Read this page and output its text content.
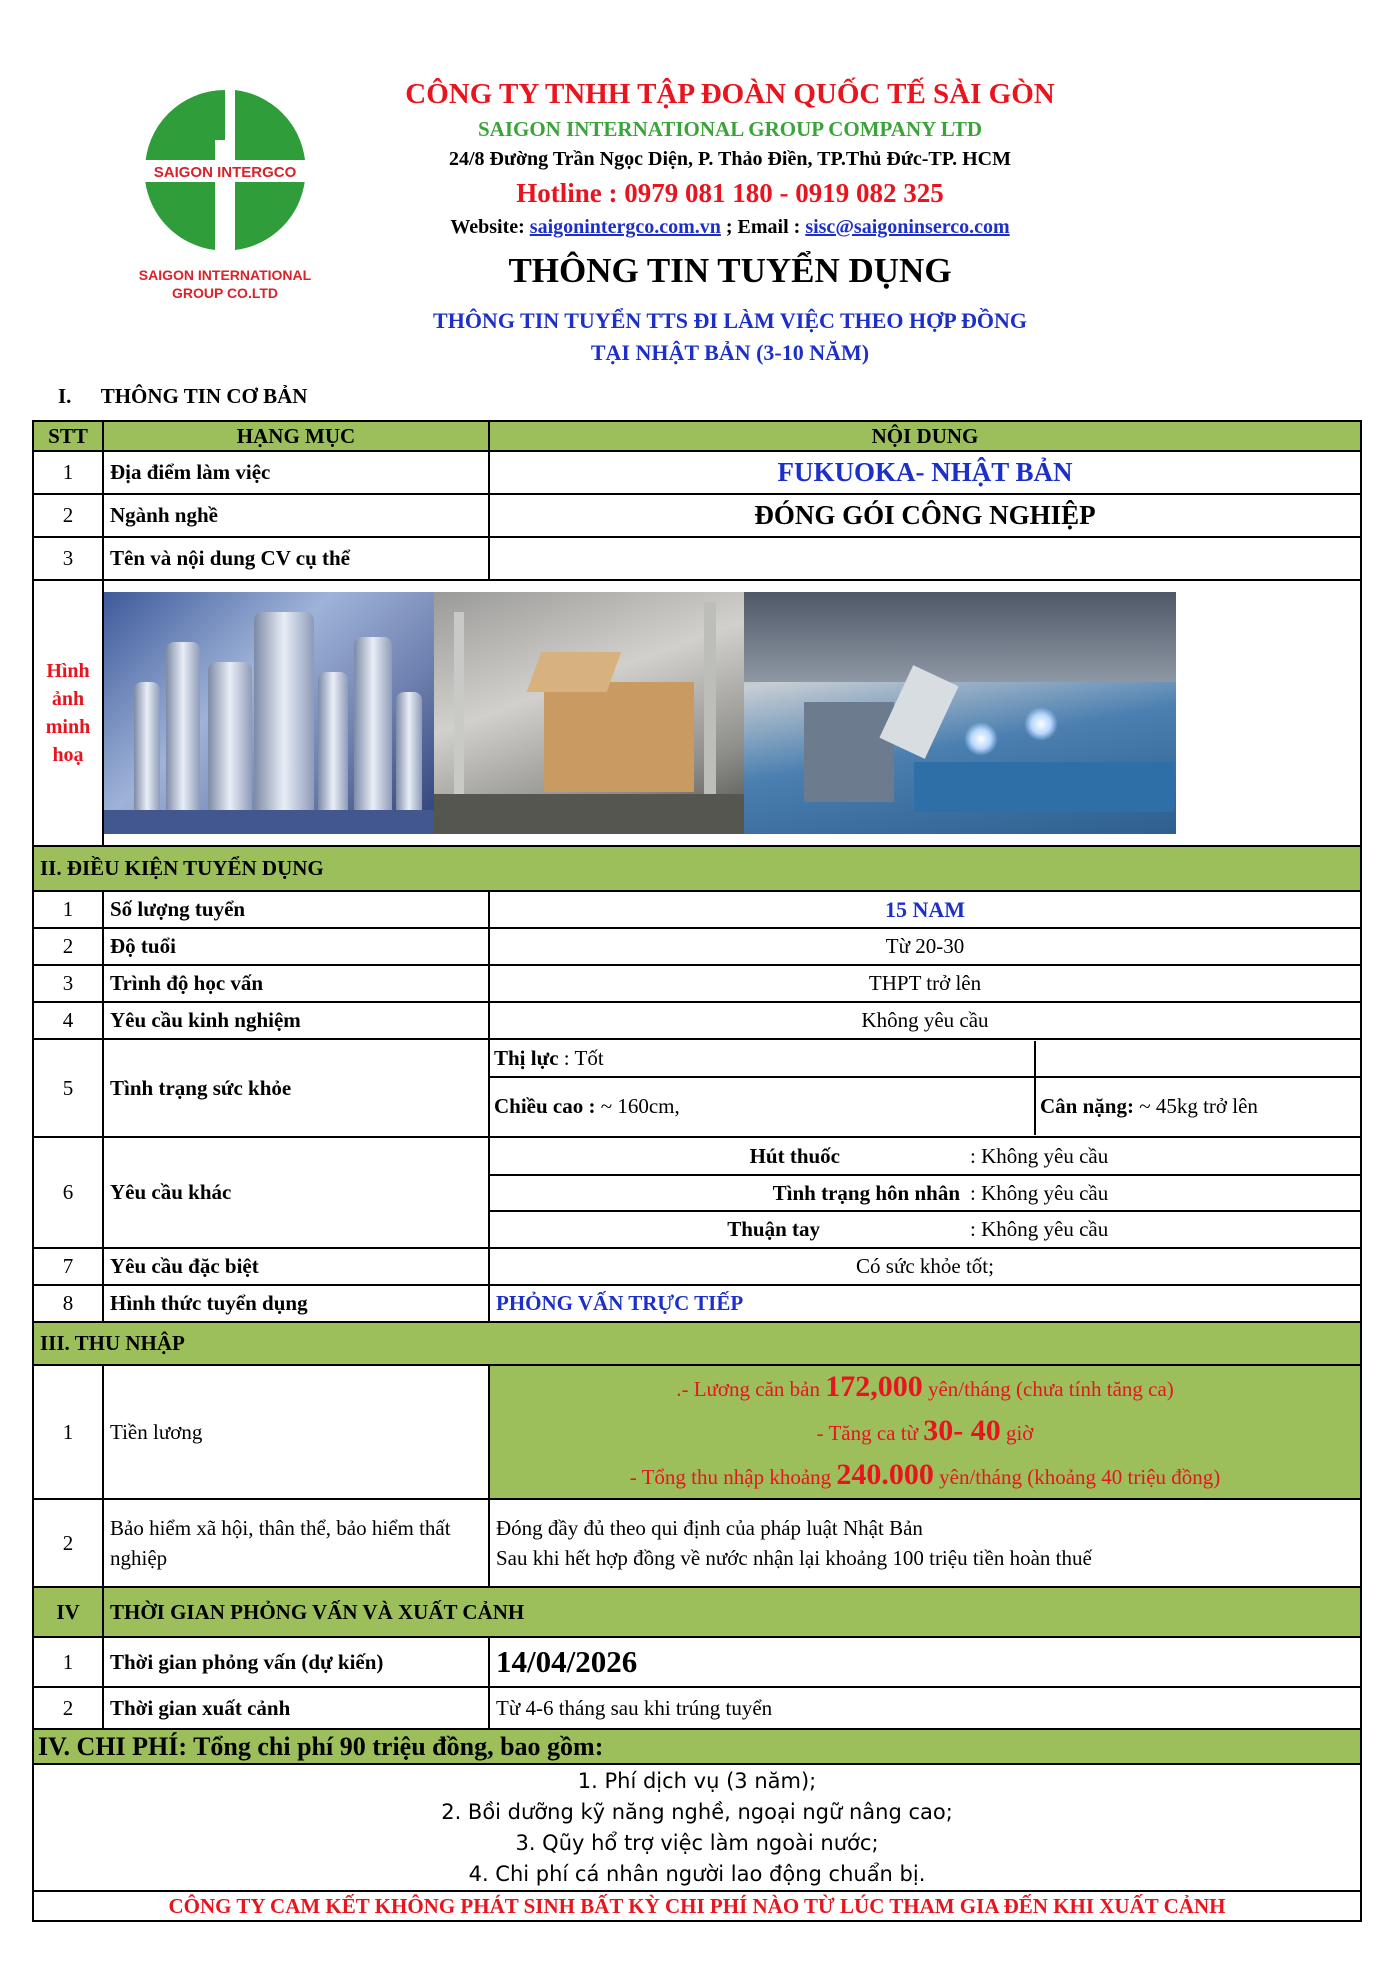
SAIGON INTERGCO
SAIGON INTERNATIONAL
GROUP CO.LTD
CÔNG TY TNHH TẬP ĐOÀN QUỐC TẾ SÀI GÒN
SAIGON INTERNATIONAL GROUP COMPANY LTD
24/8 Đường Trần Ngọc Diện, P. Thảo Điền, TP.Thủ Đức-TP. HCM
Hotline : 0979 081 180 - 0919 082 325
Website: saigonintergco.com.vn ; Email : sisc@saigoninserco.com
THÔNG TIN TUYỂN DỤNG
THÔNG TIN TUYỂN TTS ĐI LÀM VIỆC THEO HỢP ĐỒNG
TẠI NHẬT BẢN (3-10 NĂM)
I. THÔNG TIN CƠ BẢN
STT	HẠNG MỤC	NỘI DUNG
1	Địa điểm làm việc	FUKUOKA- NHẬT BẢN
2	Ngành nghề	ĐÓNG GÓI CÔNG NGHIỆP
3	Tên và nội dung CV cụ thể	

Hình
ảnh
minh
hoạ

II. ĐIỀU KIỆN TUYỂN DỤNG
1	Số lượng tuyển	15 NAM
2	Độ tuổi	Từ 20-30
3	Trình độ học vấn	THPT trở lên
4	Yêu cầu kinh nghiệm	Không yêu cầu
5	Tình trạng sức khỏe	
Thị lực : Tốt	
Chiều cao : ~ 160cm,	Cân nặng: ~ 45kg trở lên

6	Yêu cầu khác	
Hút thuốc	: Không yêu cầu
Tình trạng hôn nhân	: Không yêu cầu
Thuận tay	: Không yêu cầu

7	Yêu cầu đặc biệt	Có sức khỏe tốt;
8	Hình thức tuyển dụng	PHỎNG VẤN TRỰC TIẾP
III. THU NHẬP
1	Tiền lương	
.- Lương căn bản 172,000 yên/tháng (chưa tính tăng ca)
- Tăng ca từ 30- 40 giờ
- Tổng thu nhập khoảng 240.000 yên/tháng (khoảng 40 triệu đồng)

2	Bảo hiểm xã hội, thân thể, bảo hiểm thất nghiệp	
Đóng đầy đủ theo qui định của pháp luật Nhật Bản
Sau khi hết hợp đồng về nước nhận lại khoảng 100 triệu tiền hoàn thuế

IV	THỜI GIAN PHỎNG VẤN VÀ XUẤT CẢNH
1	Thời gian phỏng vấn (dự kiến)	14/04/2026
2	Thời gian xuất cảnh	Từ 4-6 tháng sau khi trúng tuyển
IV. CHI PHÍ: Tổng chi phí 90 triệu đồng, bao gồm:

1. Phí dịch vụ (3 năm);
2. Bồi dưỡng kỹ năng nghề, ngoại ngữ nâng cao;
3. Qũy hổ trợ việc làm ngoài nước;
4. Chi phí cá nhân người lao động chuẩn bị.

CÔNG TY CAM KẾT KHÔNG PHÁT SINH BẤT KỲ CHI PHÍ NÀO TỪ LÚC THAM GIA ĐẾN KHI XUẤT CẢNH
